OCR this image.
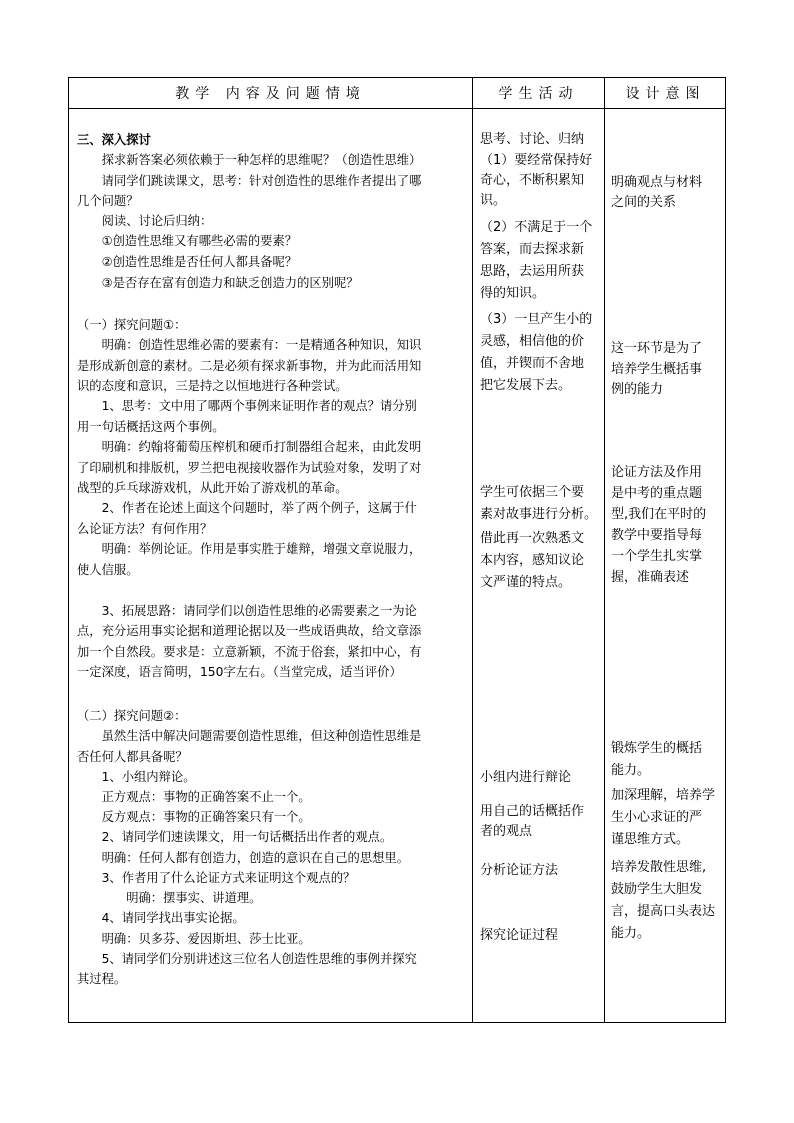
教学 内容及问题情境	学生活动	设计意图
三、深入探讨
　　探求新答案必须依赖于一种怎样的思维呢？（创造性思维）
　　请同学们跳读课文，思考：针对创造性的思维作者提出了哪
几个问题？
　　阅读、讨论后归纳：
　　①创造性思维又有哪些必需的要素？
　　②创造性思维是否任何人都具备呢？
　　③是否存在富有创造力和缺乏创造力的区别呢？
（一）探究问题①：
　　明确：创造性思维必需的要素有：一是精通各种知识，知识
是形成新创意的素材。二是必须有探求新事物，并为此而活用知
识的态度和意识，三是持之以恒地进行各种尝试。
　　1、思考：文中用了哪两个事例来证明作者的观点？请分别
用一句话概括这两个事例。
　　明确：约翰将葡萄压榨机和硬币打制器组合起来，由此发明
了印刷机和排版机，罗兰把电视接收器作为试验对象，发明了对
战型的乒乓球游戏机，从此开始了游戏机的革命。
　　2、作者在论述上面这个问题时，举了两个例子，这属于什
么论证方法？有何作用？
　　明确：举例论证。作用是事实胜于雄辩，增强文章说服力，
使人信服。
　　3、拓展思路：请同学们以创造性思维的必需要素之一为论
点，充分运用事实论据和道理论据以及一些成语典故，给文章添
加一个自然段。要求是：立意新颖，不流于俗套，紧扣中心，有
一定深度，语言简明，150字左右。（当堂完成，适当评价）
（二）探究问题②：
　　虽然生活中解决问题需要创造性思维，但这种创造性思维是
否任何人都具备呢？
　　1、小组内辩论。
　　正方观点：事物的正确答案不止一个。
　　反方观点：事物的正确答案只有一个。
　　2、请同学们速读课文，用一句话概括出作者的观点。
　　明确：任何人都有创造力，创造的意识在自己的思想里。
　　3、作者用了什么论证方式来证明这个观点的？
　　　　明确：摆事实、讲道理。
　　4、请同学找出事实论据。
　　明确：贝多芬、爱因斯坦、莎士比亚。
　　5、请同学们分别讲述这三位名人创造性思维的事例并探究
其过程。
思考、讨论、归纳
（1）要经常保持好
奇心，不断积累知
识。
（2）不满足于一个
答案，而去探求新
思路，去运用所获
得的知识。
（3）一旦产生小的
灵感，相信他的价
值，并锲而不舍地
把它发展下去。
学生可依据三个要
素对故事进行分析。
借此再一次熟悉文
本内容，感知议论
文严谨的特点。
小组内进行辩论
用自己的话概括作
者的观点
分析论证方法
探究论证过程
明确观点与材料
之间的关系
这一环节是为了
培养学生概括事
例的能力
论证方法及作用
是中考的重点题
型,我们在平时的
教学中要指导每
一个学生扎实掌
握，准确表述
锻炼学生的概括
能力。
加深理解，培养学
生小心求证的严
谨思维方式。
培养发散性思维,
鼓励学生大胆发
言，提高口头表达
能力。
